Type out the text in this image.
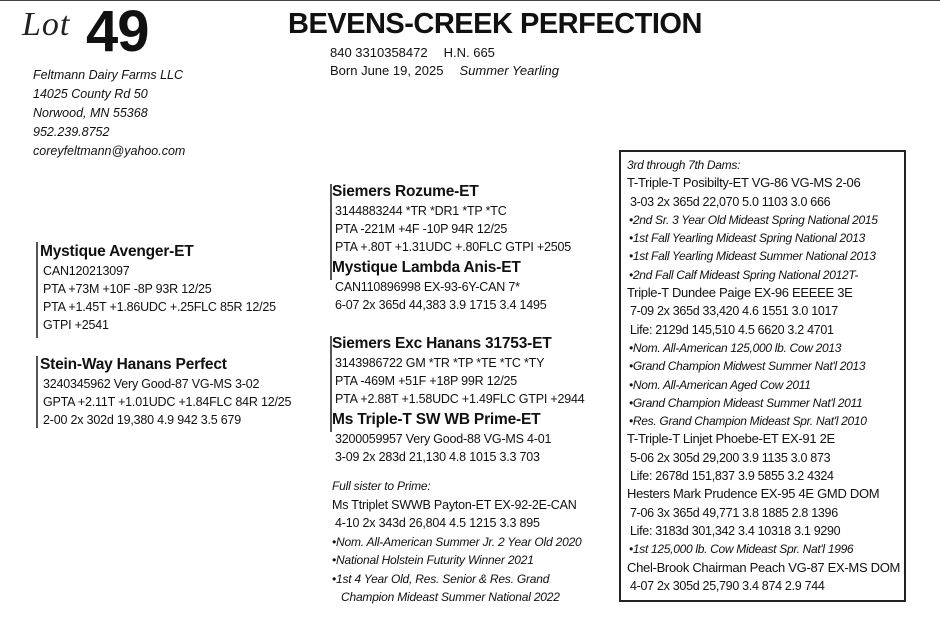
Lot 49	BEVENS-CREEK PERFECTION
840 3310358472 H.N. 665
Born June 19, 2025 Summer Yearling
Feltmann Dairy Farms LLC
14025 County Rd 50
Norwood, MN 55368
952.239.8752
coreyfeltmann@yahoo.com
Mystique Avenger-ET
CAN120213097
PTA +73M +10F -8P 93R 12/25
PTA +1.45T +1.86UDC +.25FLC 85R 12/25
GTPI +2541
Stein-Way Hanans Perfect
3240345962 Very Good-87 VG-MS 3-02
GPTA +2.11T +1.01UDC +1.84FLC 84R 12/25
2-00 2x 302d 19,380 4.9 942 3.5 679
Siemers Rozume-ET
3144883244 *TR *DR1 *TP *TC
PTA -221M +4F -10P 94R 12/25
PTA +.80T +1.31UDC +.80FLC GTPI +2505
Mystique Lambda Anis-ET
CAN110896998 EX-93-6Y-CAN 7*
6-07 2x 365d 44,383 3.9 1715 3.4 1495
Siemers Exc Hanans 31753-ET
3143986722 GM *TR *TP *TE *TC *TY
PTA -469M +51F +18P 99R 12/25
PTA +2.88T +1.58UDC +1.49FLC GTPI +2944
Ms Triple-T SW WB Prime-ET
3200059957 Very Good-88 VG-MS 4-01
3-09 2x 283d 21,130 4.8 1015 3.3 703
Full sister to Prime:
Ms Ttriplet SWWB Payton-ET EX-92-2E-CAN
4-10 2x 343d 26,804 4.5 1215 3.3 895
•Nom. All-American Summer Jr. 2 Year Old 2020
•National Holstein Futurity Winner 2021
•1st 4 Year Old, Res. Senior & Res. Grand
Champion Mideast Summer National 2022
3rd through 7th Dams:
T-Triple-T Posibilty-ET VG-86 VG-MS 2-06
3-03 2x 365d 22,070 5.0 1103 3.0 666
•2nd Sr. 3 Year Old Mideast Spring National 2015
•1st Fall Yearling Mideast Spring National 2013
•1st Fall Yearling Mideast Summer National 2013
•2nd Fall Calf Mideast Spring National 2012T-
Triple-T Dundee Paige EX-96 EEEEE 3E
7-09 2x 365d 33,420 4.6 1551 3.0 1017
Life: 2129d 145,510 4.5 6620 3.2 4701
•Nom. All-American 125,000 lb. Cow 2013
•Grand Champion Midwest Summer Nat'l 2013
•Nom. All-American Aged Cow 2011
•Grand Champion Mideast Summer Nat'l 2011
•Res. Grand Champion Mideast Spr. Nat'l 2010
T-Triple-T Linjet Phoebe-ET EX-91 2E
5-06 2x 305d 29,200 3.9 1135 3.0 873
Life: 2678d 151,837 3.9 5855 3.2 4324
Hesters Mark Prudence EX-95 4E GMD DOM
7-06 3x 365d 49,771 3.8 1885 2.8 1396
Life: 3183d 301,342 3.4 10318 3.1 9290
•1st 125,000 lb. Cow Mideast Spr. Nat'l 1996
Chel-Brook Chairman Peach VG-87 EX-MS DOM
4-07 2x 305d 25,790 3.4 874 2.9 744
